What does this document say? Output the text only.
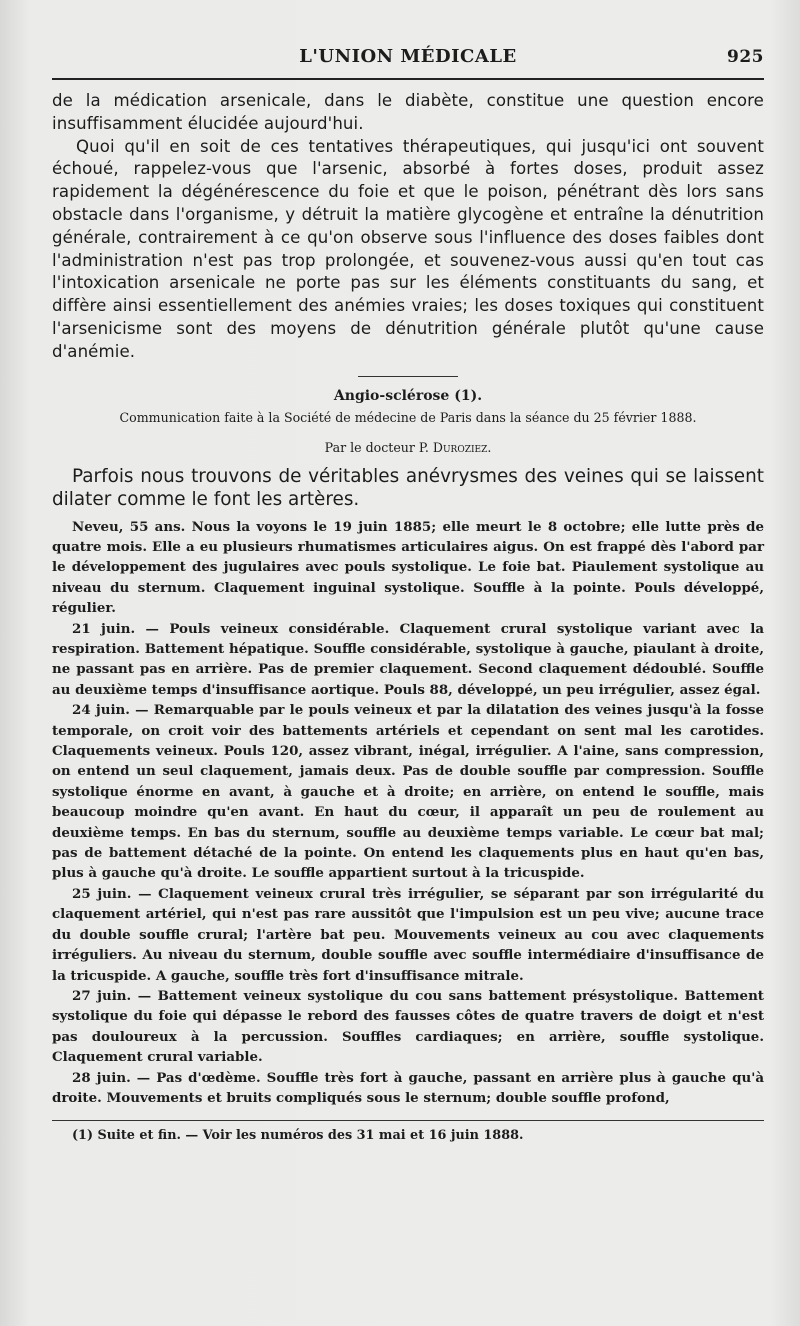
L'UNION MÉDICALE	925

de la médication arsenicale, dans le diabète, constitue une question encore insuffisamment élucidée aujourd'hui.

Quoi qu'il en soit de ces tentatives thérapeutiques, qui jusqu'ici ont souvent échoué, rappelez-vous que l'arsenic, absorbé à fortes doses, produit assez rapidement la dégénérescence du foie et que le poison, pénétrant dès lors sans obstacle dans l'organisme, y détruit la matière glycogène et entraîne la dénutrition générale, contrairement à ce qu'on observe sous l'influence des doses faibles dont l'administration n'est pas trop prolongée, et souvenez-vous aussi qu'en tout cas l'intoxication arsenicale ne porte pas sur les éléments constituants du sang, et diffère ainsi essentiellement des anémies vraies; les doses toxiques qui constituent l'arsenicisme sont des moyens de dénutrition générale plutôt qu'une cause d'anémie.

Angio-sclérose (1).

Communication faite à la Société de médecine de Paris dans la séance du 25 février 1888.

Par le docteur P. Duroziez.

Parfois nous trouvons de véritables anévrysmes des veines qui se laissent dilater comme le font les artères.

Neveu, 55 ans. Nous la voyons le 19 juin 1885; elle meurt le 8 octobre; elle lutte près de quatre mois. Elle a eu plusieurs rhumatismes articulaires aigus. On est frappé dès l'abord par le développement des jugulaires avec pouls systolique. Le foie bat. Piaulement systolique au niveau du sternum. Claquement inguinal systolique. Souffle à la pointe. Pouls développé, régulier.

21 juin. — Pouls veineux considérable. Claquement crural systolique variant avec la respiration. Battement hépatique. Souffle considérable, systolique à gauche, piaulant à droite, ne passant pas en arrière. Pas de premier claquement. Second claquement dédoublé. Souffle au deuxième temps d'insuffisance aortique. Pouls 88, développé, un peu irrégulier, assez égal.

24 juin. — Remarquable par le pouls veineux et par la dilatation des veines jusqu'à la fosse temporale, on croit voir des battements artériels et cependant on sent mal les carotides. Claquements veineux. Pouls 120, assez vibrant, inégal, irrégulier. A l'aine, sans compression, on entend un seul claquement, jamais deux. Pas de double souffle par compression. Souffle systolique énorme en avant, à gauche et à droite; en arrière, on entend le souffle, mais beaucoup moindre qu'en avant. En haut du cœur, il apparaît un peu de roulement au deuxième temps. En bas du sternum, souffle au deuxième temps variable. Le cœur bat mal; pas de battement détaché de la pointe. On entend les claquements plus en haut qu'en bas, plus à gauche qu'à droite. Le souffle appartient surtout à la tricuspide.

25 juin. — Claquement veineux crural très irrégulier, se séparant par son irrégularité du claquement artériel, qui n'est pas rare aussitôt que l'impulsion est un peu vive; aucune trace du double souffle crural; l'artère bat peu. Mouvements veineux au cou avec claquements irréguliers. Au niveau du sternum, double souffle avec souffle intermédiaire d'insuffisance de la tricuspide. A gauche, souffle très fort d'insuffisance mitrale.

27 juin. — Battement veineux systolique du cou sans battement présystolique. Battement systolique du foie qui dépasse le rebord des fausses côtes de quatre travers de doigt et n'est pas douloureux à la percussion. Souffles cardiaques; en arrière, souffle systolique. Claquement crural variable.

28 juin. — Pas d'œdème. Souffle très fort à gauche, passant en arrière plus à gauche qu'à droite. Mouvements et bruits compliqués sous le sternum; double souffle profond,

(1) Suite et fin. — Voir les numéros des 31 mai et 16 juin 1888.
